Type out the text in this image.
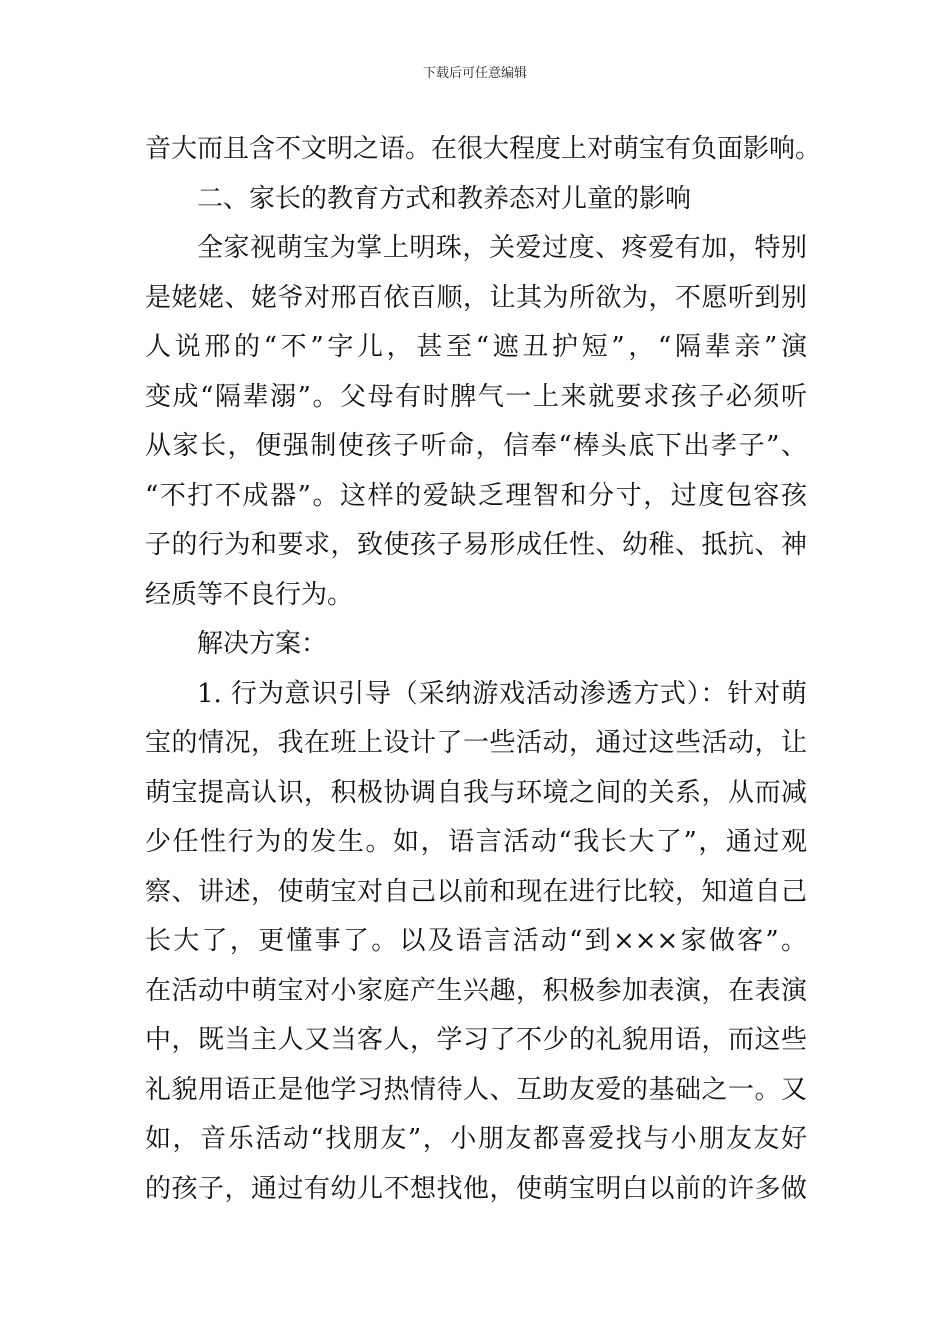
下载后可任意编辑
音大而且含不文明之语。在很大程度上对萌宝有负面影响。
二、家长的教育方式和教养态对儿童的影响
全家视萌宝为掌上明珠，关爱过度、疼爱有加，特别
是姥姥、姥爷对邢百依百顺，让其为所欲为，不愿听到别
人说邢的“不”字儿，甚至“遮丑护短”，“隔辈亲”演
变成“隔辈溺”。父母有时脾气一上来就要求孩子必须听
从家长，便强制使孩子听命，信奉“棒头底下出孝子”、
“不打不成器”。这样的爱缺乏理智和分寸，过度包容孩
子的行为和要求，致使孩子易形成任性、幼稚、抵抗、神
经质等不良行为。
解决方案：
1. 行为意识引导（采纳游戏活动渗透方式）：针对萌
宝的情况，我在班上设计了一些活动，通过这些活动，让
萌宝提高认识，积极协调自我与环境之间的关系，从而减
少任性行为的发生。如，语言活动“我长大了”，通过观
察、讲述，使萌宝对自己以前和现在进行比较，知道自己
长大了，更懂事了。以及语言活动“到×××家做客”。
在活动中萌宝对小家庭产生兴趣，积极参加表演，在表演
中，既当主人又当客人，学习了不少的礼貌用语，而这些
礼貌用语正是他学习热情待人、互助友爱的基础之一。又
如，音乐活动“找朋友”，小朋友都喜爱找与小朋友友好
的孩子，通过有幼儿不想找他，使萌宝明白以前的许多做
